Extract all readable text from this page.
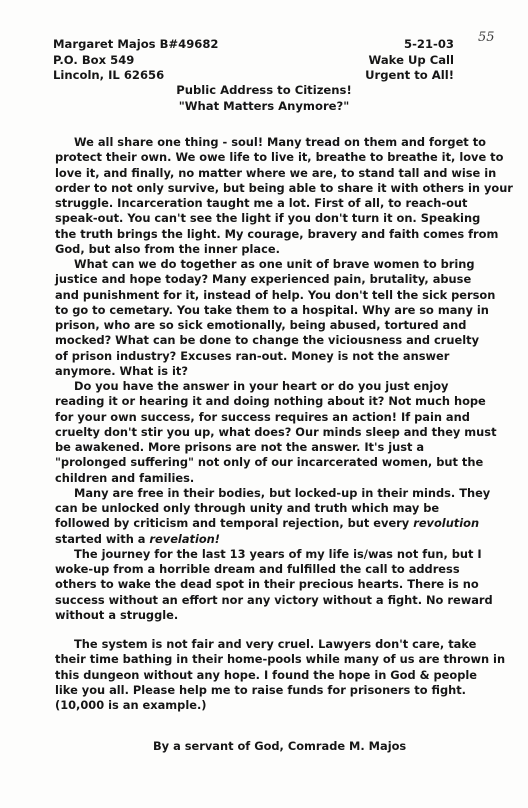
Margaret Majos B#49682
P.O. Box 549
Lincoln, IL 62656
5-21-03
Wake Up Call
Urgent to All!
55
Public Address to Citizens!
"What Matters Anymore?"
We all share one thing - soul! Many tread on them and forget to
protect their own. We owe life to live it, breathe to breathe it, love to
love it, and finally, no matter where we are, to stand tall and wise in
order to not only survive, but being able to share it with others in your
struggle. Incarceration taught me a lot. First of all, to reach-out
speak-out. You can't see the light if you don't turn it on. Speaking
the truth brings the light. My courage, bravery and faith comes from
God, but also from the inner place.
What can we do together as one unit of brave women to bring
justice and hope today? Many experienced pain, brutality, abuse
and punishment for it, instead of help. You don't tell the sick person
to go to cemetary. You take them to a hospital. Why are so many in
prison, who are so sick emotionally, being abused, tortured and
mocked? What can be done to change the viciousness and cruelty
of prison industry? Excuses ran-out. Money is not the answer
anymore. What is it?
Do you have the answer in your heart or do you just enjoy
reading it or hearing it and doing nothing about it? Not much hope
for your own success, for success requires an action! If pain and
cruelty don't stir you up, what does? Our minds sleep and they must
be awakened. More prisons are not the answer. It's just a
"prolonged suffering" not only of our incarcerated women, but the
children and families.
Many are free in their bodies, but locked-up in their minds. They
can be unlocked only through unity and truth which may be
followed by criticism and temporal rejection, but every revolution
started with a revelation!
The journey for the last 13 years of my life is/was not fun, but I
woke-up from a horrible dream and fulfilled the call to address
others to wake the dead spot in their precious hearts. There is no
success without an effort nor any victory without a fight. No reward
without a struggle.
The system is not fair and very cruel. Lawyers don't care, take
their time bathing in their home-pools while many of us are thrown in
this dungeon without any hope. I found the hope in God & people
like you all. Please help me to raise funds for prisoners to fight.
(10,000 is an example.)
By a servant of God, Comrade M. Majos
